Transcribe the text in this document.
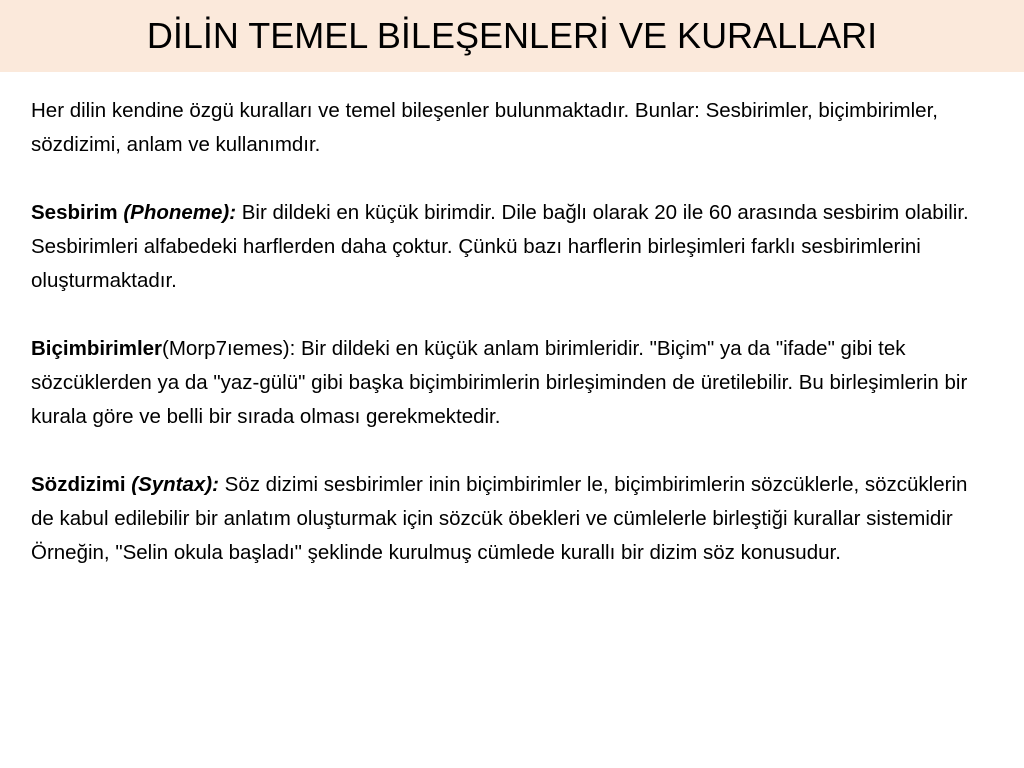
DİLİN TEMEL BİLEŞENLERİ VE KURALLARI

Her dilin kendine özgü kuralları ve temel bileşenler bulunmaktadır. Bunlar: Sesbirimler, biçimbirimler, sözdizimi, anlam ve kullanımdır.

Sesbirim (Phoneme): Bir dildeki en küçük birimdir. Dile bağlı olarak 20 ile 60 arasında sesbirim olabilir. Sesbirimleri alfabedeki harflerden daha çoktur. Çünkü bazı harflerin birleşimleri farklı sesbirimlerini oluşturmaktadır.

Biçimbirimler(Morp7ıemes): Bir dildeki en küçük anlam birimleridir. "Biçim" ya da "ifade" gibi tek sözcüklerden ya da "yaz-gülü" gibi başka biçimbirimlerin birleşiminden de üretilebilir. Bu birleşimlerin bir kurala göre ve belli bir sırada olması gerekmektedir.

Sözdizimi (Syntax): Söz dizimi sesbirimler inin biçimbirimler le, biçimbirimlerin sözcüklerle, sözcüklerin de kabul edilebilir bir anlatım oluşturmak için sözcük öbekleri ve cümlelerle birleştiği kurallar sistemidir Örneğin, "Selin okula başladı" şeklinde kurulmuş cümlede kurallı bir dizim söz konusudur.
